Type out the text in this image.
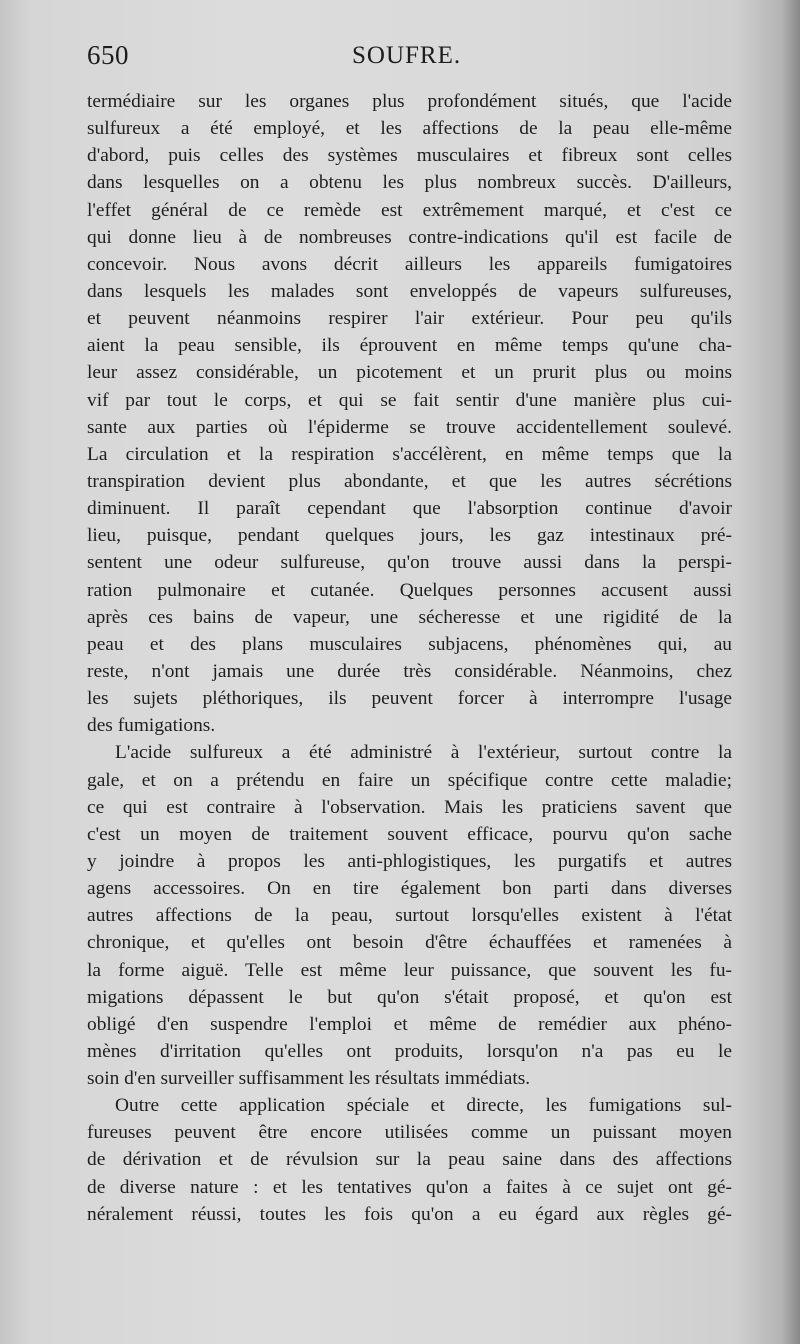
650	SOUFRE.
termédiaire sur les organes plus profondément situés, que l'acide
sulfureux a été employé, et les affections de la peau elle-même
d'abord, puis celles des systèmes musculaires et fibreux sont celles
dans lesquelles on a obtenu les plus nombreux succès. D'ailleurs,
l'effet général de ce remède est extrêmement marqué, et c'est ce
qui donne lieu à de nombreuses contre-indications qu'il est facile de
concevoir. Nous avons décrit ailleurs les appareils fumigatoires
dans lesquels les malades sont enveloppés de vapeurs sulfureuses,
et peuvent néanmoins respirer l'air extérieur. Pour peu qu'ils
aient la peau sensible, ils éprouvent en même temps qu'une cha-
leur assez considérable, un picotement et un prurit plus ou moins
vif par tout le corps, et qui se fait sentir d'une manière plus cui-
sante aux parties où l'épiderme se trouve accidentellement soulevé.
La circulation et la respiration s'accélèrent, en même temps que la
transpiration devient plus abondante, et que les autres sécrétions
diminuent. Il paraît cependant que l'absorption continue d'avoir
lieu, puisque, pendant quelques jours, les gaz intestinaux pré-
sentent une odeur sulfureuse, qu'on trouve aussi dans la perspi-
ration pulmonaire et cutanée. Quelques personnes accusent aussi
après ces bains de vapeur, une sécheresse et une rigidité de la
peau et des plans musculaires subjacens, phénomènes qui, au
reste, n'ont jamais une durée très considérable. Néanmoins, chez
les sujets pléthoriques, ils peuvent forcer à interrompre l'usage
des fumigations.
L'acide sulfureux a été administré à l'extérieur, surtout contre la
gale, et on a prétendu en faire un spécifique contre cette maladie;
ce qui est contraire à l'observation. Mais les praticiens savent que
c'est un moyen de traitement souvent efficace, pourvu qu'on sache
y joindre à propos les anti-phlogistiques, les purgatifs et autres
agens accessoires. On en tire également bon parti dans diverses
autres affections de la peau, surtout lorsqu'elles existent à l'état
chronique, et qu'elles ont besoin d'être échauffées et ramenées à
la forme aiguë. Telle est même leur puissance, que souvent les fu-
migations dépassent le but qu'on s'était proposé, et qu'on est
obligé d'en suspendre l'emploi et même de remédier aux phéno-
mènes d'irritation qu'elles ont produits, lorsqu'on n'a pas eu le
soin d'en surveiller suffisamment les résultats immédiats.
Outre cette application spéciale et directe, les fumigations sul-
fureuses peuvent être encore utilisées comme un puissant moyen
de dérivation et de révulsion sur la peau saine dans des affections
de diverse nature : et les tentatives qu'on a faites à ce sujet ont gé-
néralement réussi, toutes les fois qu'on a eu égard aux règles gé-
